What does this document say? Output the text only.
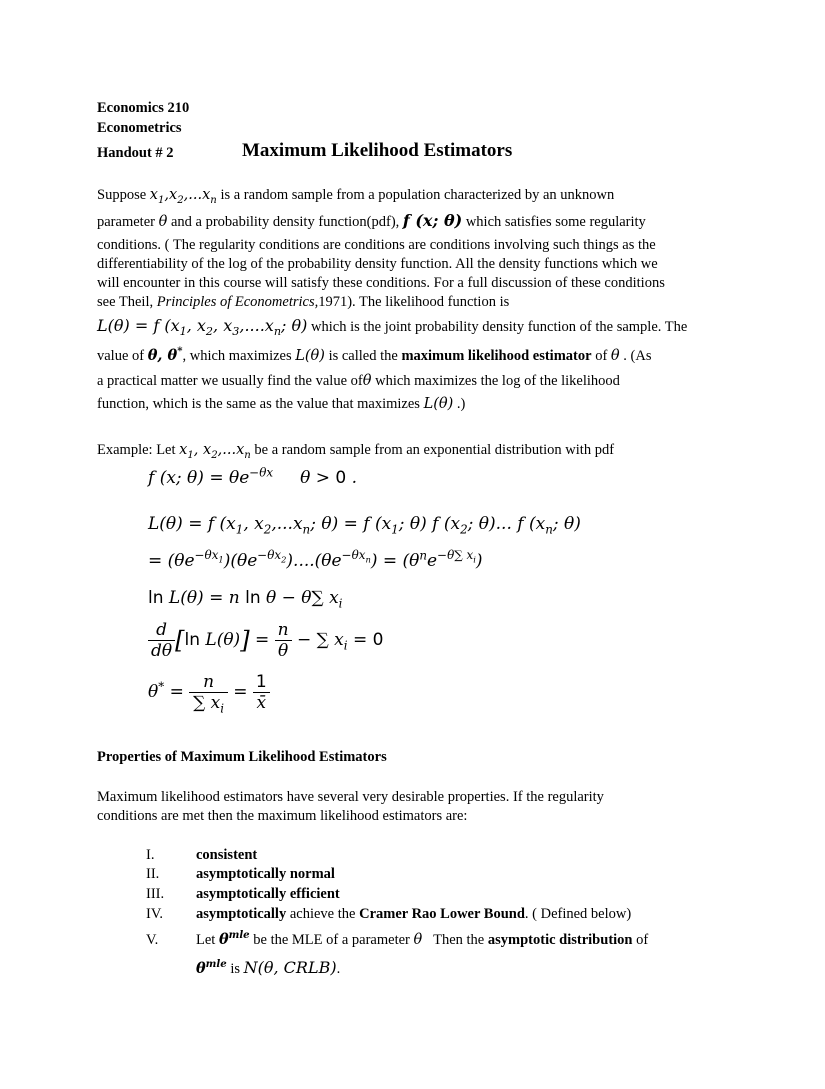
Economics 210
Econometrics
Handout # 2	Maximum Likelihood Estimators
Suppose $x_1,x_2,...x_n$ is a random sample from a population characterized by an unknown
parameter θ and a probability density function(pdf), f (x; θ) which satisfies some regularity
conditions. ( The regularity conditions are conditions are conditions involving such things as the
differentiability of the log of the probability density function. All the density functions which we
will encounter in this course will satisfy these conditions. For a full discussion of these conditions
see Theil, Principles of Econometrics,1971). The likelihood function is
L(θ) = f ($x_1$, $x_2$, $x_3,....x_n$; θ) which is the joint probability density function of the sample. The
value of θ, θ*, which maximizes L(θ) is called the maximum likelihood estimator of θ . (As
a practical matter we usually find the value ofθ which maximizes the log of the likelihood
function, which is the same as the value that maximizes L(θ) .)
Example: Let $x_1$, $x_2,...x_n$ be a random sample from an exponential distribution with pdf
f (x; $\theta) = \theta e^{-\theta x}$     θ > 0 .
L(θ) = f ($x_1$, $x_2,...x_n$; θ) = f ($x_1$; θ) f ($x_2$; θ)... f ($x_n$; θ)
= $(\theta e^{-\theta x_1})(\theta e^{-\theta x_2})....(\theta e^{-\theta x_n}) = (\theta^ne^{-\theta\sum x_i})$
ln L(θ) = n ln θ − θ∑ $x_i$
$\frac{d}{d\theta} [\ln$ $L(\theta)] = \frac{n}{\theta}$ − ∑ $x_i = 0$
$\theta^* = \frac{n}{\sum x_i} = \frac{1}{x̄}$
Properties of Maximum Likelihood Estimators
Maximum likelihood estimators have several very desirable properties. If the regularity
conditions are met then the maximum likelihood estimators are:
I.	consistent
II.	asymptotically normal
III. asymptotically efficient
IV. asymptotically achieve the Cramer Rao Lower Bound. ( Defined below)
V.	Let $\theta^{mle}$ be the MLE of a parameter θ Then the asymptotic distribution of
$\theta^{mle}$ is N(θ, CRLB).
